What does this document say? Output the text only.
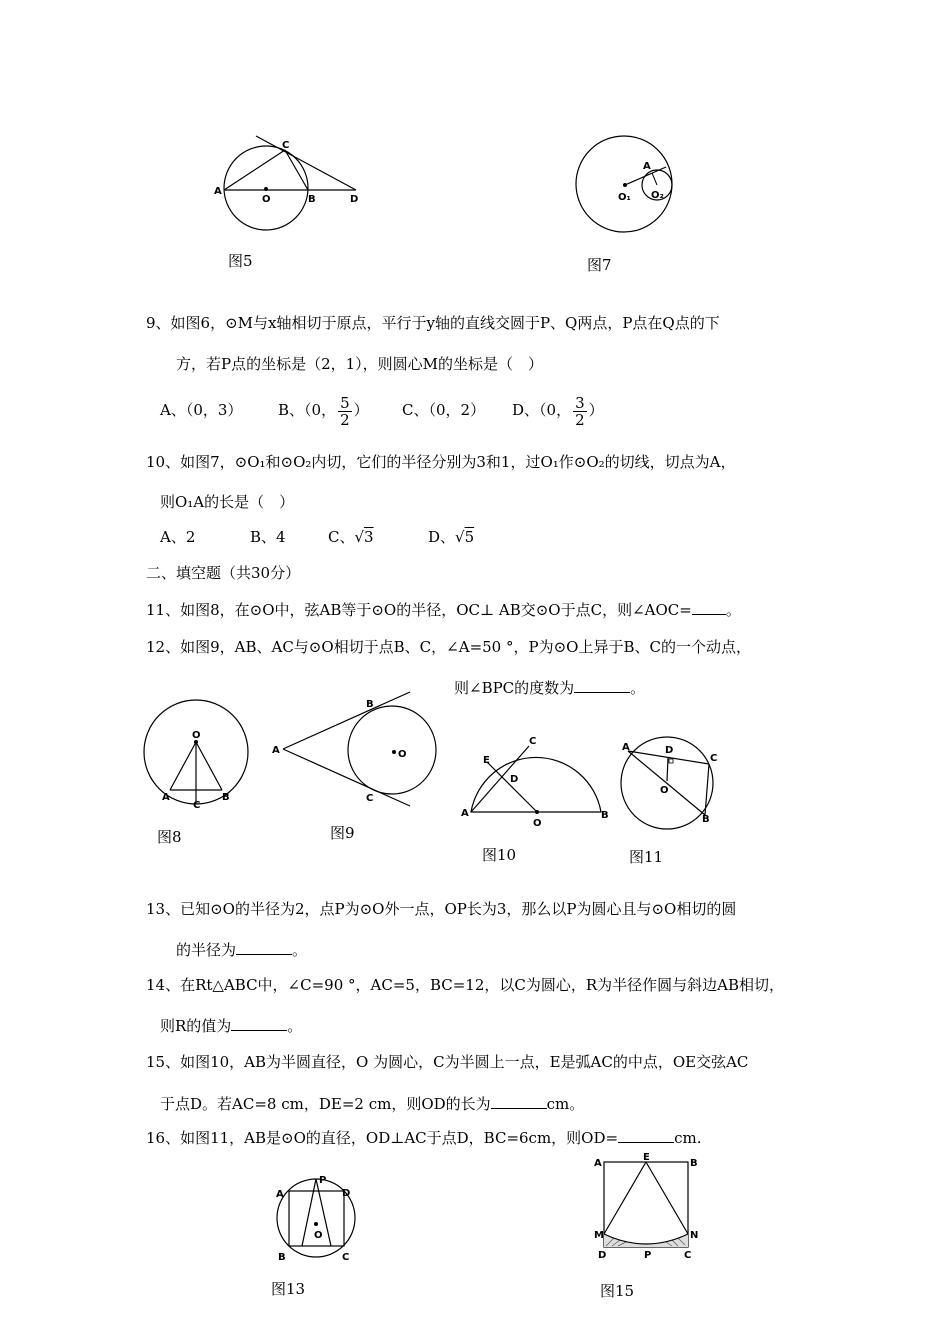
A
O	B
C
D
图5
A
O₁ O₂
图7
9、如图6，⊙M与x轴相切于原点，平行于y轴的直线交圆于P、Q两点，P点在Q点的下
方，若P点的坐标是（2，1），则圆心M的坐标是（　）
A、（0，3） B、（0， $\frac{5}{2}$ ） C、（0，2） D、（0， $\frac{3}{2}$ ）
10、如图7，⊙O₁和⊙O₂内切，它们的半径分别为3和1，过O₁作⊙O₂的切线，切点为A，
则O₁A的长是（　）
A、2	B、4	C、√3	D、√5
二、填空题（共30分）
11、如图8，在⊙O中，弦AB等于⊙O的半径，OC⊥ AB交⊙O于点C，则∠AOC= 。
12、如图9，AB、AC与⊙O相切于点B、C，∠A=50 °，P为⊙O上异于B、C的一个动点，
则∠BPC的度数为	。
O
A
C
B
图8
A
B
C
O
图9
A	B
C
E
D
O
图10
A	D
C
O
B
图11
13、已知⊙O的半径为2，点P为⊙O外一点，OP长为3，那么以P为圆心且与⊙O相切的圆
的半径为	。
14、在Rt△ABC中，∠C=90 °，AC=5，BC=12，以C为圆心，R为半径作圆与斜边AB相切，
则R的值为	。
15、如图10，AB为半圆直径，O 为圆心，C为半圆上一点，E是弧AC的中点，OE交弦AC
于点D。若AC=8 cm，DE=2 cm，则OD的长为	cm。
16、如图11，AB是⊙O的直径，OD⊥AC于点D，BC=6cm，则OD=	cm.
A
P
D
O
B	C
图13
A
E
B
M	N
D	P	C
图15
